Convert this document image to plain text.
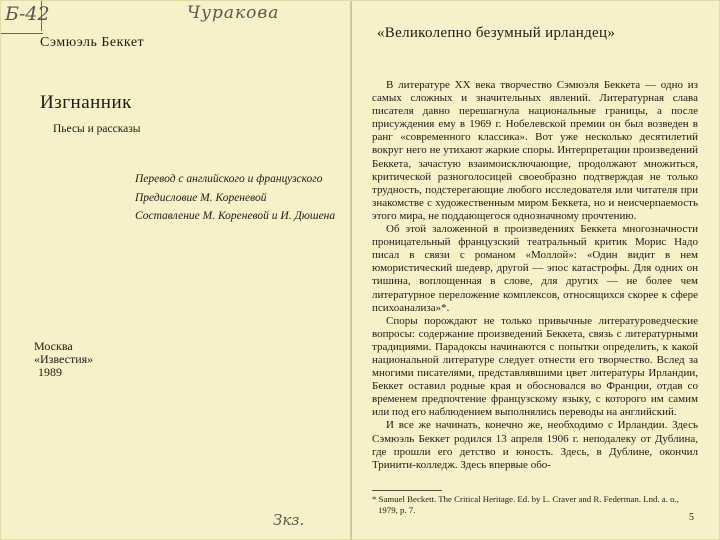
Б-42	Чуракова
Сэмюэль Беккет
Изгнанник
Пьесы и рассказы
Перевод с английского и французского
Предисловие М. Кореневой
Составление М. Кореневой и И. Дюшена
Москва
«Известия»
1989
Зкз.
«Великолепно безумный ирландец»

В литературе XX века творчество Сэмюэля Беккета — одно из самых сложных и значительных явлений. Литературная слава писателя давно перешагнула национальные границы, а после присуждения ему в 1969 г. Нобелевской премии он был возведен в ранг «современного классика». Вот уже несколько десятилетий вокруг него не утихают жаркие споры. Интерпретации произведений Беккета, зачастую взаимоисключающие, продолжают множиться, критической разноголосицей своеобразно подтверждая не только трудность, подстерегающие любого исследователя или читателя при знакомстве с художественным миром Беккета, но и неисчерпаемость этого мира, не поддающегося однозначному прочтению.

Об этой заложенной в произведениях Беккета многозначности проницательный французский театральный критик Морис Надо писал в связи с романом «Моллой»: «Один видит в нем юмористический шедевр, другой — эпос катастрофы. Для одних он тишина, воплощенная в слове, для других — не более чем литературное переложение комплексов, относящихся скорее к сфере психоанализа»*.

Споры порождают не только привычные литературоведческие вопросы: содержание произведений Беккета, связь с литературными традициями. Парадоксы начинаются с попытки определить, к какой национальной литературе следует отнести его творчество. Вслед за многими писателями, представлявшими цвет литературы Ирландии, Беккет оставил родные края и обосновался во Франции, отдав со временем предпочтение французскому языку, с которого им самим или под его наблюдением выполнялись переводы на английский.

И все же начинать, конечно же, необходимо с Ирландии. Здесь Сэмюэль Беккет родился 13 апреля 1906 г. неподалеку от Дублина, где прошли его детство и юность. Здесь, в Дублине, окончил Тринити-колледж. Здесь впервые обо-

* Samuel Beckett. The Critical Heritage. Ed. by L. Craver and R. Federman. Lnd. a. o., 1979, p. 7.

5
